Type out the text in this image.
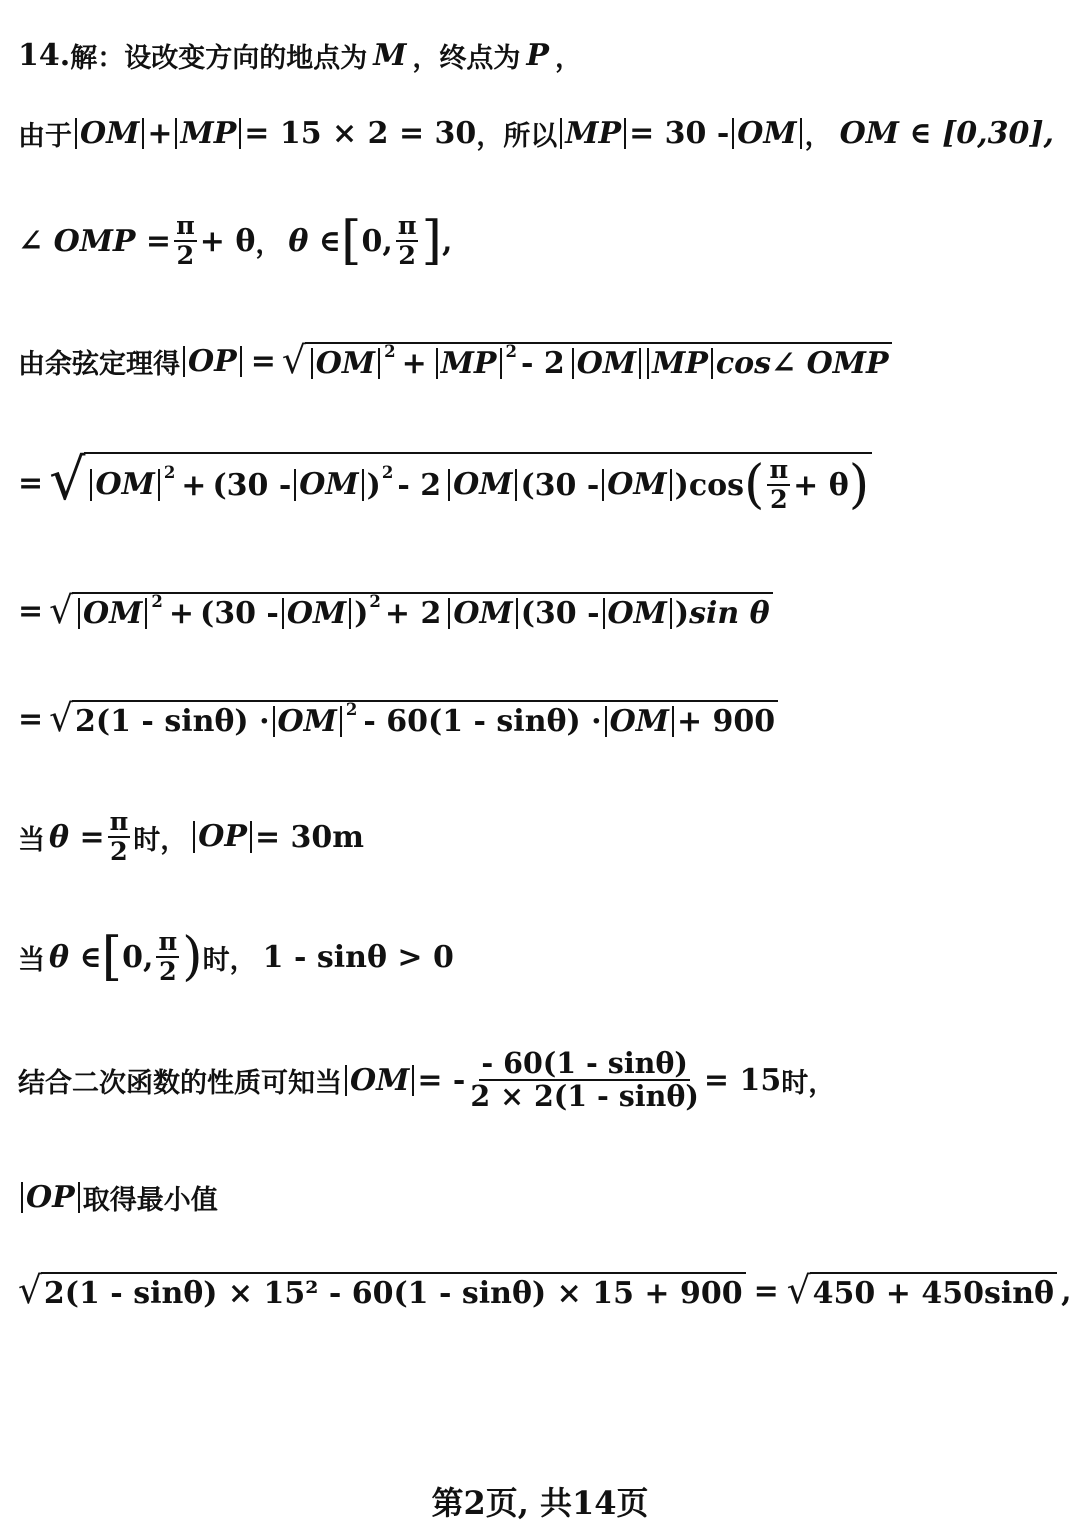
14. 解： 设改变方向的地点为 M ， 终点为 P ，
由于 OM + MP = 15 × 2 = 30 ，所以 MP = 30 - OM ， OM ∈ [0,30],
∠ OMP = $\frac{\pi}{2} + \theta$ ， θ ∈ [ 0, $\frac{\pi}{2}$ ] ,
由余弦定理得 OP = √ OM 2 + MP 2 - 2 OM MP cos∠ OMP
= √ OM 2 + (30 - OM ) 2 - 2 OM (30 - OM ) cos ( $\frac{\pi}{2} + \theta$ )
= √ OM 2 + (30 - OM ) 2 + 2 OM (30 - OM ) sin θ
= √ 2(1 - sinθ) · OM 2 - 60(1 - sinθ) · OM + 900
当 $\theta = \frac{\pi}{2}$ 时， OP = 30m
当 θ ∈ [ 0, $\frac{\pi}{2}$ ) 时， 1 - sinθ > 0
结合二次函数的性质可知当 OM = - $\frac{- 60(1 - \sin\theta)}{2 \times 2(1 - \sin\theta)} = 15$ 时，
OP 取得最小值
√ 2(1 - sinθ) × 15² - 60(1 - sinθ) × 15 + 900 = √ 450 + 450sinθ ,
第2页, 共14页
